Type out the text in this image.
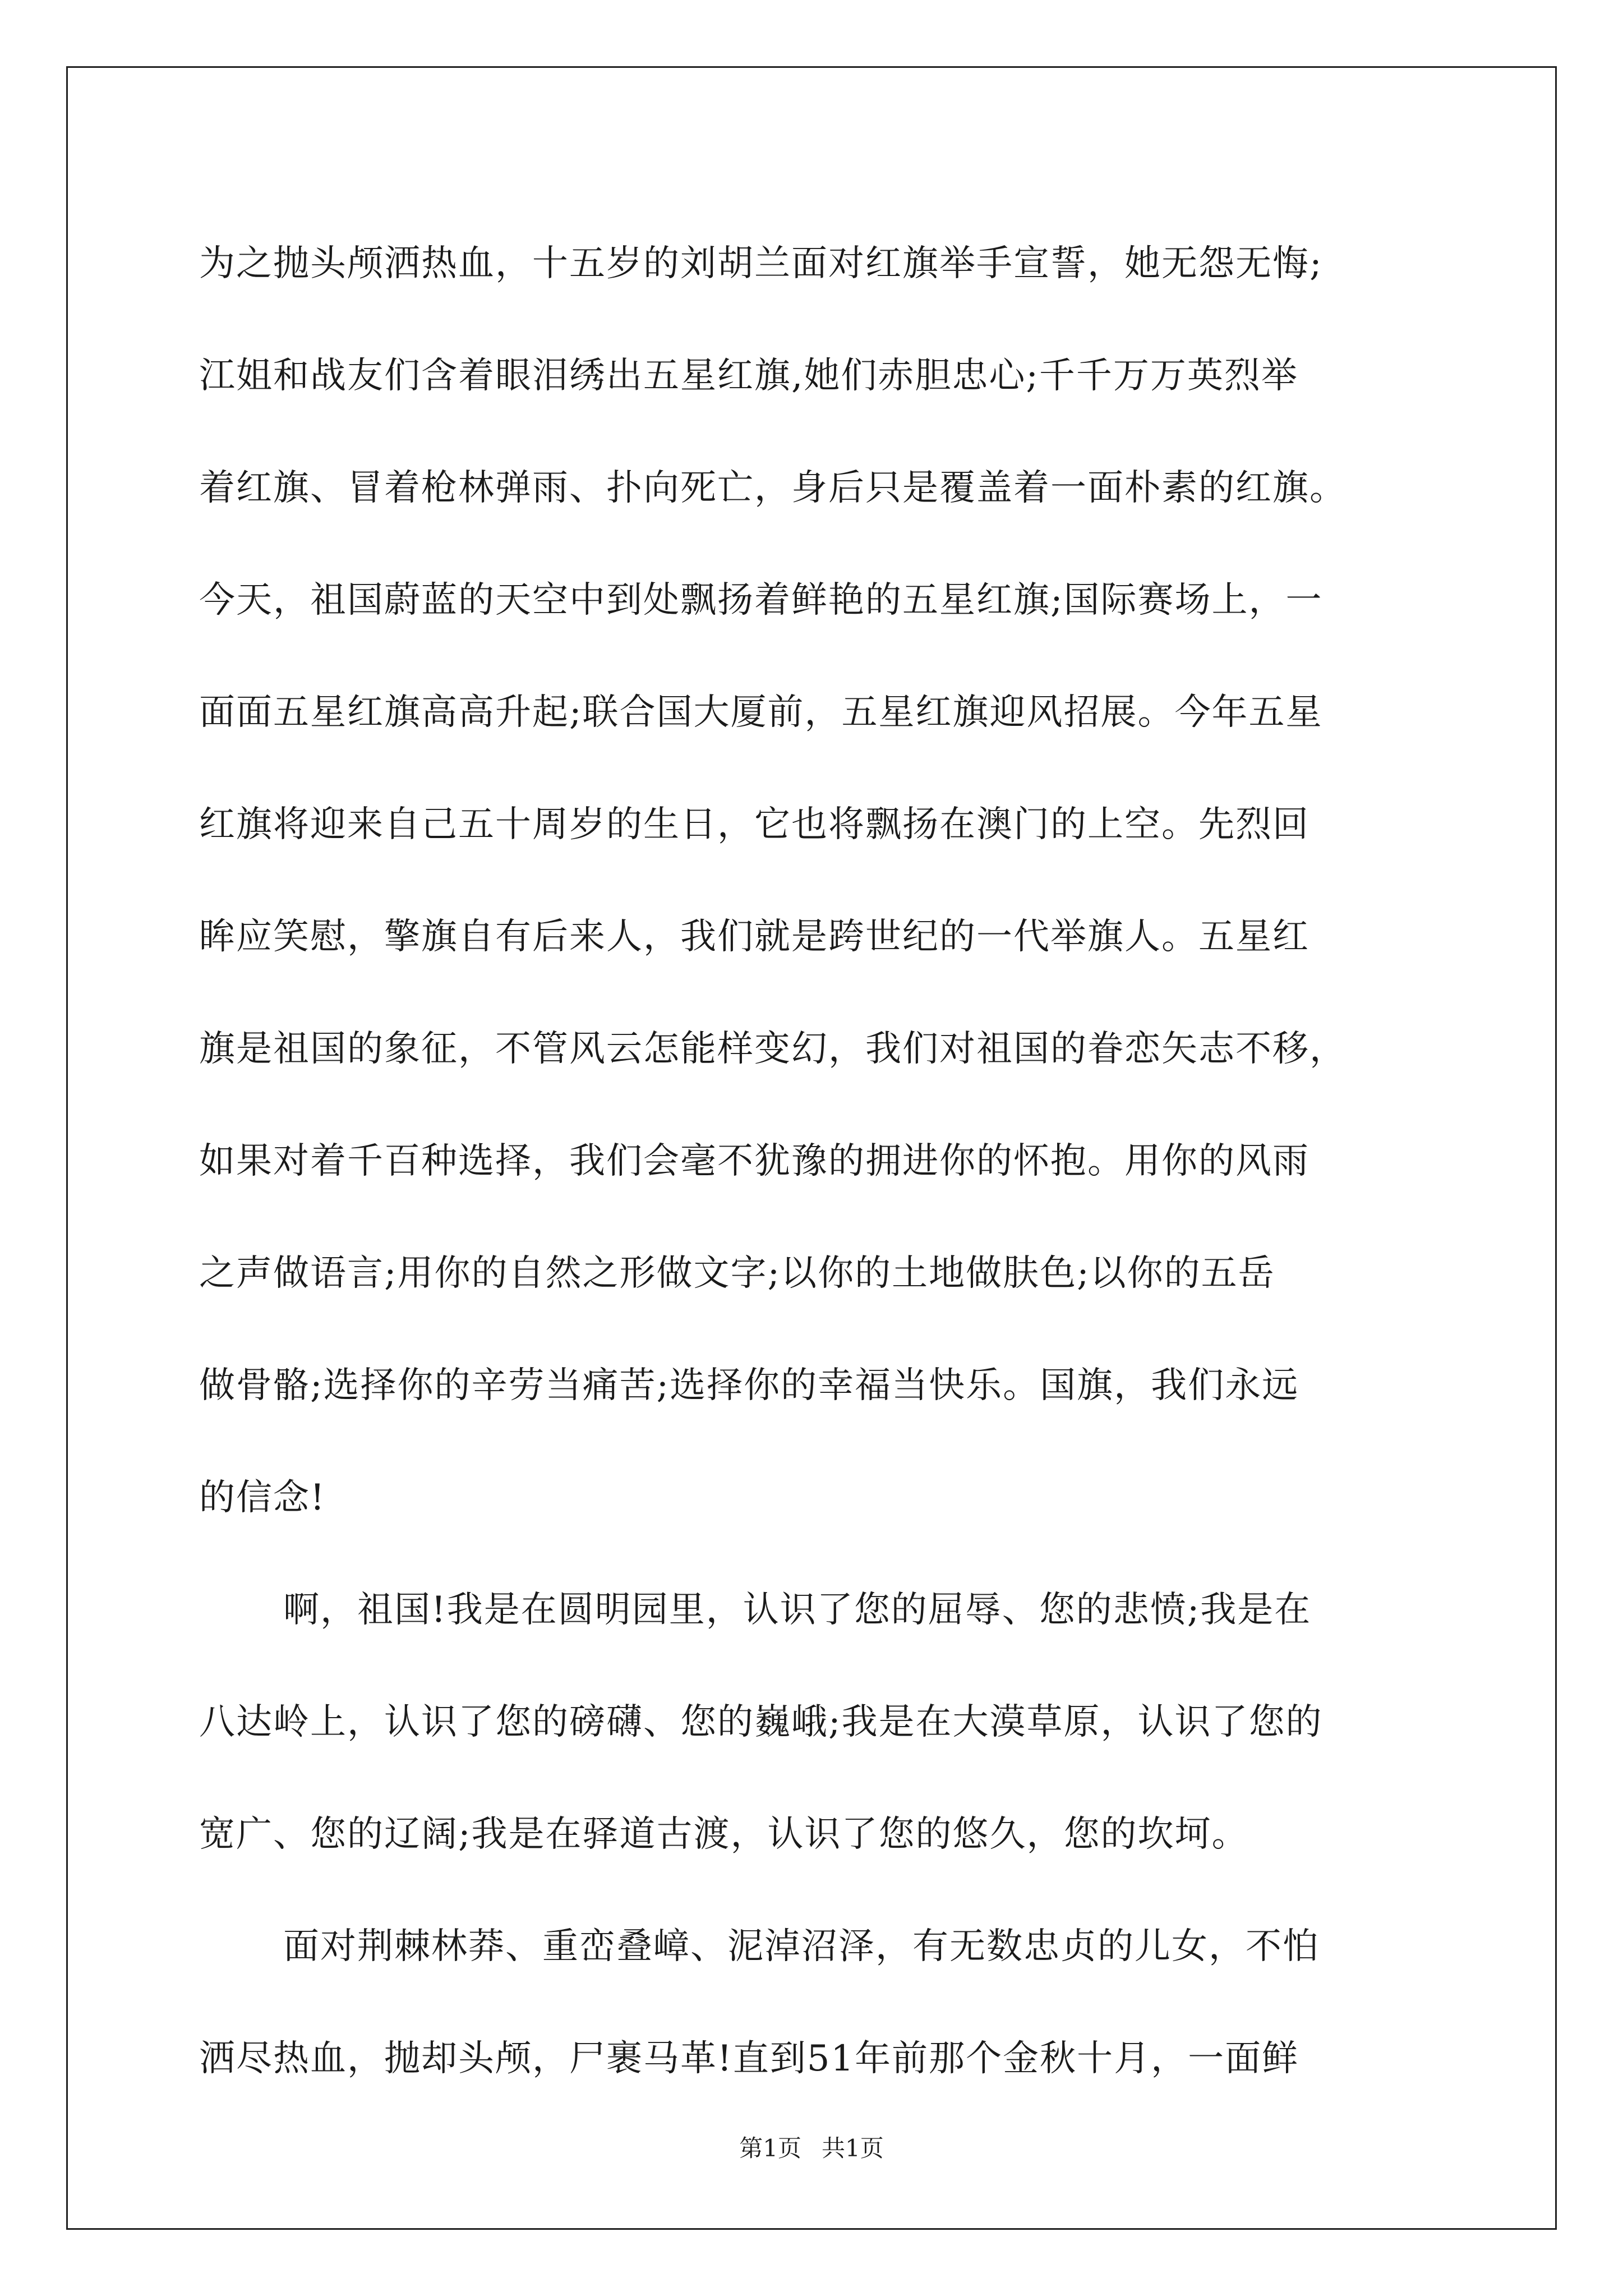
为之抛头颅洒热血，十五岁的刘胡兰面对红旗举手宣誓，她无怨无悔;
江姐和战友们含着眼泪绣出五星红旗,她们赤胆忠心;千千万万英烈举
着红旗、冒着枪林弹雨、扑向死亡，身后只是覆盖着一面朴素的红旗。
今天，祖国蔚蓝的天空中到处飘扬着鲜艳的五星红旗;国际赛场上，一
面面五星红旗高高升起;联合国大厦前，五星红旗迎风招展。今年五星
红旗将迎来自己五十周岁的生日，它也将飘扬在澳门的上空。先烈回
眸应笑慰，擎旗自有后来人，我们就是跨世纪的一代举旗人。五星红
旗是祖国的象征，不管风云怎能样变幻，我们对祖国的眷恋矢志不移，
如果对着千百种选择，我们会毫不犹豫的拥进你的怀抱。用你的风雨
之声做语言;用你的自然之形做文字;以你的土地做肤色;以你的五岳
做骨骼;选择你的辛劳当痛苦;选择你的幸福当快乐。国旗，我们永远
的信念!
啊，祖国!我是在圆明园里，认识了您的屈辱、您的悲愤;我是在
八达岭上，认识了您的磅礴、您的巍峨;我是在大漠草原，认识了您的
宽广、您的辽阔;我是在驿道古渡，认识了您的悠久，您的坎坷。
面对荆棘林莽、重峦叠嶂、泥淖沼泽，有无数忠贞的儿女，不怕
洒尽热血，抛却头颅，尸裹马革!直到51年前那个金秋十月，一面鲜
第1页 共1页
